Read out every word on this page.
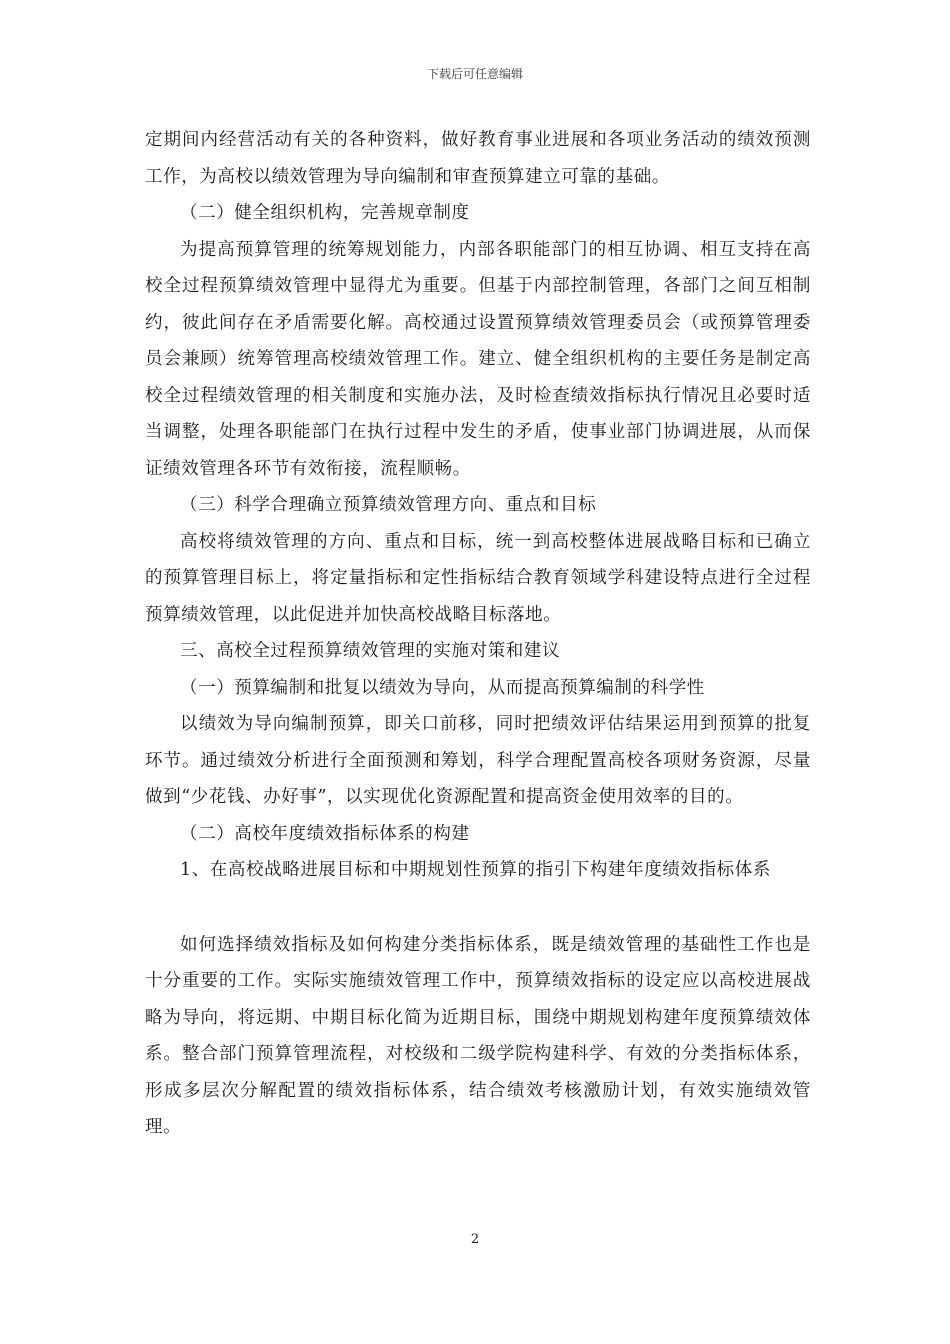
下载后可任意编辑

定期间内经营活动有关的各种资料，做好教育事业进展和各项业务活动的绩效预测工作，为高校以绩效管理为导向编制和审查预算建立可靠的基础。

（二）健全组织机构，完善规章制度

为提高预算管理的统筹规划能力，内部各职能部门的相互协调、相互支持在高校全过程预算绩效管理中显得尤为重要。但基于内部控制管理，各部门之间互相制约，彼此间存在矛盾需要化解。高校通过设置预算绩效管理委员会（或预算管理委员会兼顾）统筹管理高校绩效管理工作。建立、健全组织机构的主要任务是制定高校全过程绩效管理的相关制度和实施办法，及时检查绩效指标执行情况且必要时适当调整，处理各职能部门在执行过程中发生的矛盾，使事业部门协调进展，从而保证绩效管理各环节有效衔接，流程顺畅。

（三）科学合理确立预算绩效管理方向、重点和目标

高校将绩效管理的方向、重点和目标，统一到高校整体进展战略目标和已确立的预算管理目标上，将定量指标和定性指标结合教育领域学科建设特点进行全过程预算绩效管理，以此促进并加快高校战略目标落地。

三、高校全过程预算绩效管理的实施对策和建议

（一）预算编制和批复以绩效为导向，从而提高预算编制的科学性

以绩效为导向编制预算，即关口前移，同时把绩效评估结果运用到预算的批复环节。通过绩效分析进行全面预测和筹划，科学合理配置高校各项财务资源，尽量做到“少花钱、办好事”，以实现优化资源配置和提高资金使用效率的目的。

（二）高校年度绩效指标体系的构建

1、在高校战略进展目标和中期规划性预算的指引下构建年度绩效指标体系

如何选择绩效指标及如何构建分类指标体系，既是绩效管理的基础性工作也是十分重要的工作。实际实施绩效管理工作中，预算绩效指标的设定应以高校进展战略为导向，将远期、中期目标化简为近期目标，围绕中期规划构建年度预算绩效体系。整合部门预算管理流程，对校级和二级学院构建科学、有效的分类指标体系，形成多层次分解配置的绩效指标体系，结合绩效考核激励计划，有效实施绩效管理。

2
